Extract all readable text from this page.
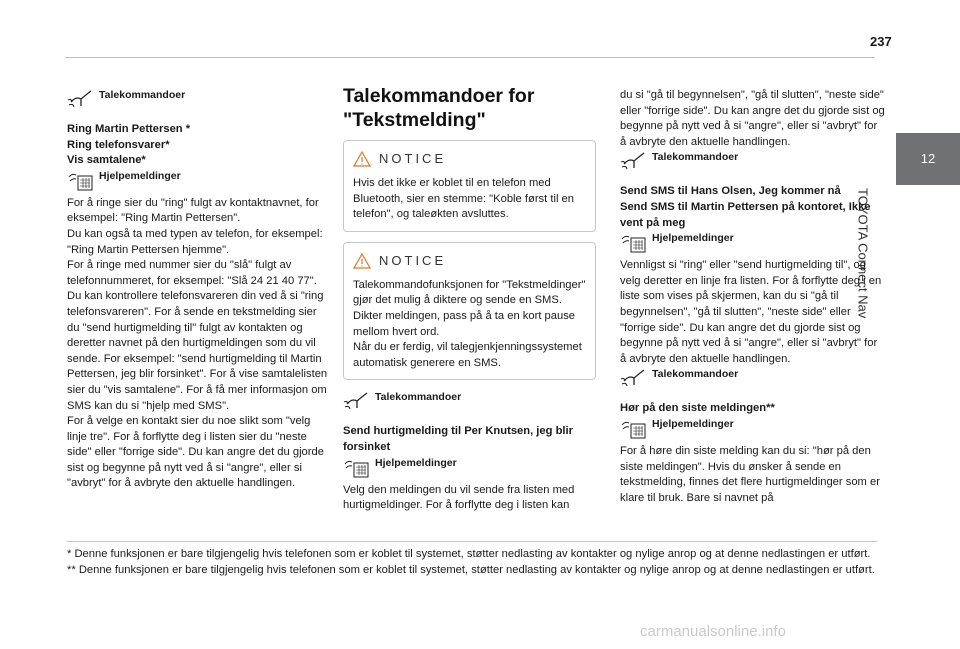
237
12
TOYOTA Connect Nav
Talekommandoer

Ring Martin Pettersen *

Ring telefonsvarer*

Vis samtalene*

Hjelpemeldinger

For å ringe sier du "ring" fulgt av kontaktnavnet, for eksempel: "Ring Martin Pettersen".
Du kan også ta med typen av telefon, for eksempel: "Ring Martin Pettersen hjemme".
For å ringe med nummer sier du "slå" fulgt av telefonnummeret, for eksempel: "Slå 24 21 40 77". Du kan kontrollere telefonsvareren din ved å si "ring telefonsvareren". For å sende en tekstmelding sier du "send hurtigmelding til" fulgt av kontakten og deretter navnet på den hurtigmeldingen som du vil sende. For eksempel: "send hurtigmelding til Martin Pettersen, jeg blir forsinket". For å vise samtalelisten sier du "vis samtalene". For å få mer informasjon om SMS kan du si "hjelp med SMS".
For å velge en kontakt sier du noe slikt som "velg linje tre". For å forflytte deg i listen sier du "neste side" eller "forrige side". Du kan angre det du gjorde sist og begynne på nytt ved å si "angre", eller si "avbryt" for å avbryte den aktuelle handlingen.

Talekommandoer for "Tekstmelding"
NOTICE

Hvis det ikke er koblet til en telefon med Bluetooth, sier en stemme: "Koble først til en telefon", og taleøkten avsluttes.

NOTICE

Talekommandofunksjonen for "Tekstmeldinger" gjør det mulig å diktere og sende en SMS.
Dikter meldingen, pass på å ta en kort pause mellom hvert ord.
Når du er ferdig, vil talegjenkjenningssystemet automatisk generere en SMS.

Talekommandoer

Send hurtigmelding til Per Knutsen, jeg blir forsinket

Hjelpemeldinger

Velg den meldingen du vil sende fra listen med hurtigmeldinger. For å forflytte deg i listen kan

du si "gå til begynnelsen", "gå til slutten", "neste side" eller "forrige side". Du kan angre det du gjorde sist og begynne på nytt ved å si "angre", eller si "avbryt" for å avbryte den aktuelle handlingen.

Talekommandoer

Send SMS til Hans Olsen, Jeg kommer nå

Send SMS til Martin Pettersen på kontoret, Ikke vent på meg

Hjelpemeldinger

Vennligst si "ring" eller "send hurtigmelding til", og velg deretter en linje fra listen. For å forflytte deg i en liste som vises på skjermen, kan du si "gå til begynnelsen", "gå til slutten", "neste side" eller "forrige side". Du kan angre det du gjorde sist og begynne på nytt ved å si "angre", eller si "avbryt" for å avbryte den aktuelle handlingen.

Talekommandoer

Hør på den siste meldingen**

Hjelpemeldinger

For å høre din siste melding kan du si: "hør på den siste meldingen". Hvis du ønsker å sende en tekstmelding, finnes det flere hurtigmeldinger som er klare til bruk. Bare si navnet på

* Denne funksjonen er bare tilgjengelig hvis telefonen som er koblet til systemet, støtter nedlasting av kontakter og nylige anrop og at denne nedlastingen er utført.

** Denne funksjonen er bare tilgjengelig hvis telefonen som er koblet til systemet, støtter nedlasting av kontakter og nylige anrop og at denne nedlastingen er utført.

carmanualsonline.info
